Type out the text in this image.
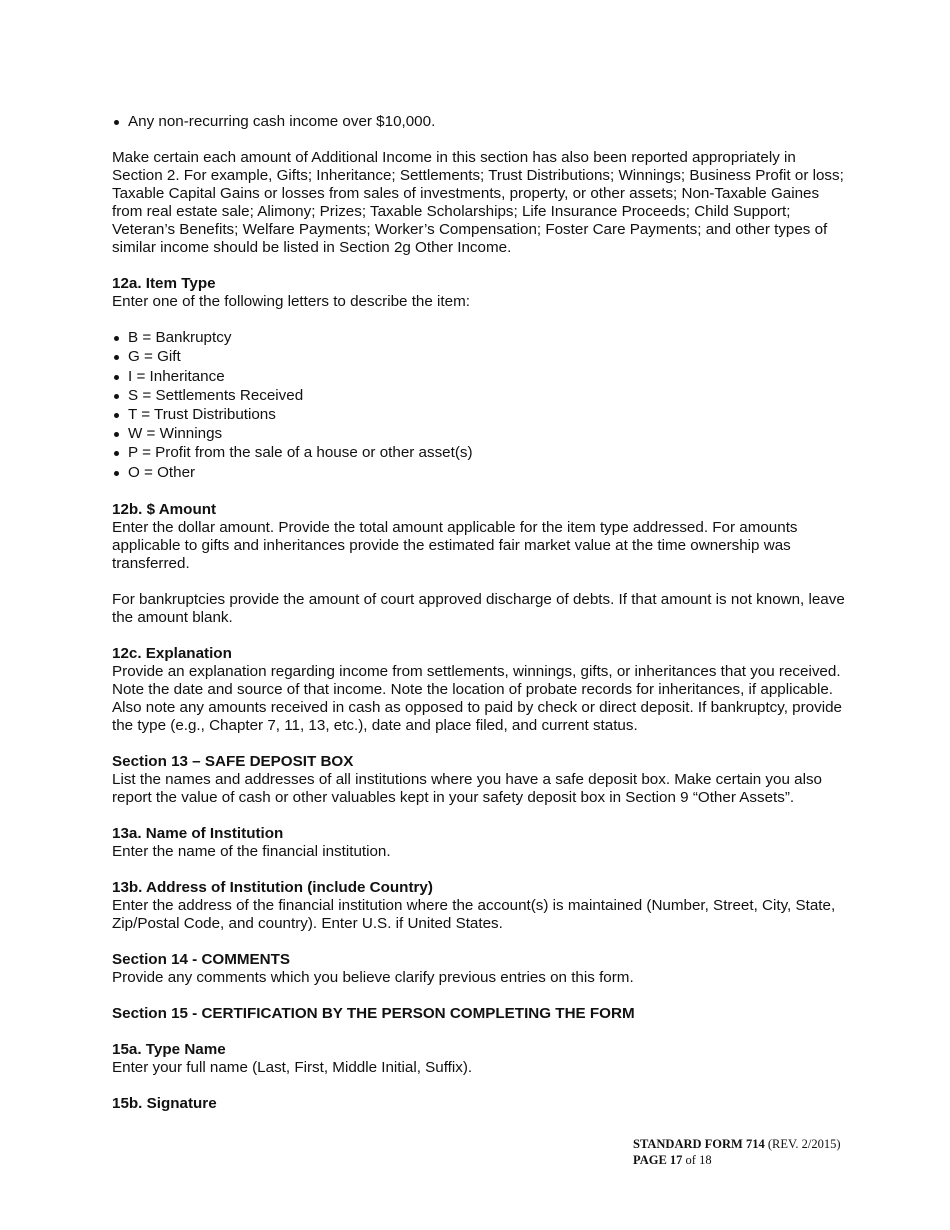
Any non-recurring cash income over $10,000.

Make certain each amount of Additional Income in this section has also been reported appropriately in Section 2. For example, Gifts; Inheritance; Settlements; Trust Distributions; Winnings; Business Profit or loss; Taxable Capital Gains or losses from sales of investments, property, or other assets; Non-Taxable Gaines from real estate sale; Alimony; Prizes; Taxable Scholarships; Life Insurance Proceeds; Child Support; Veteran’s Benefits; Welfare Payments; Worker’s Compensation; Foster Care Payments; and other types of similar income should be listed in Section 2g Other Income.

12a. Item Type

Enter one of the following letters to describe the item:

B = Bankruptcy
G = Gift
I = Inheritance
S = Settlements Received
T = Trust Distributions
W = Winnings
P = Profit from the sale of a house or other asset(s)
O = Other

12b. $ Amount

Enter the dollar amount. Provide the total amount applicable for the item type addressed. For amounts applicable to gifts and inheritances provide the estimated fair market value at the time ownership was transferred.

For bankruptcies provide the amount of court approved discharge of debts. If that amount is not known, leave the amount blank.

12c. Explanation

Provide an explanation regarding income from settlements, winnings, gifts, or inheritances that you received. Note the date and source of that income. Note the location of probate records for inheritances, if applicable. Also note any amounts received in cash as opposed to paid by check or direct deposit. If bankruptcy, provide the type (e.g., Chapter 7, 11, 13, etc.), date and place filed, and current status.

Section 13 – SAFE DEPOSIT BOX

List the names and addresses of all institutions where you have a safe deposit box. Make certain you also report the value of cash or other valuables kept in your safety deposit box in Section 9 “Other Assets”.

13a. Name of Institution

Enter the name of the financial institution.

13b. Address of Institution (include Country)

Enter the address of the financial institution where the account(s) is maintained (Number, Street, City, State, Zip/Postal Code, and country). Enter U.S. if United States.

Section 14 - COMMENTS

Provide any comments which you believe clarify previous entries on this form.

Section 15 - CERTIFICATION BY THE PERSON COMPLETING THE FORM

15a. Type Name

Enter your full name (Last, First, Middle Initial, Suffix).

15b. Signature

STANDARD FORM 714 (REV. 2/2015)
PAGE 17 of 18
